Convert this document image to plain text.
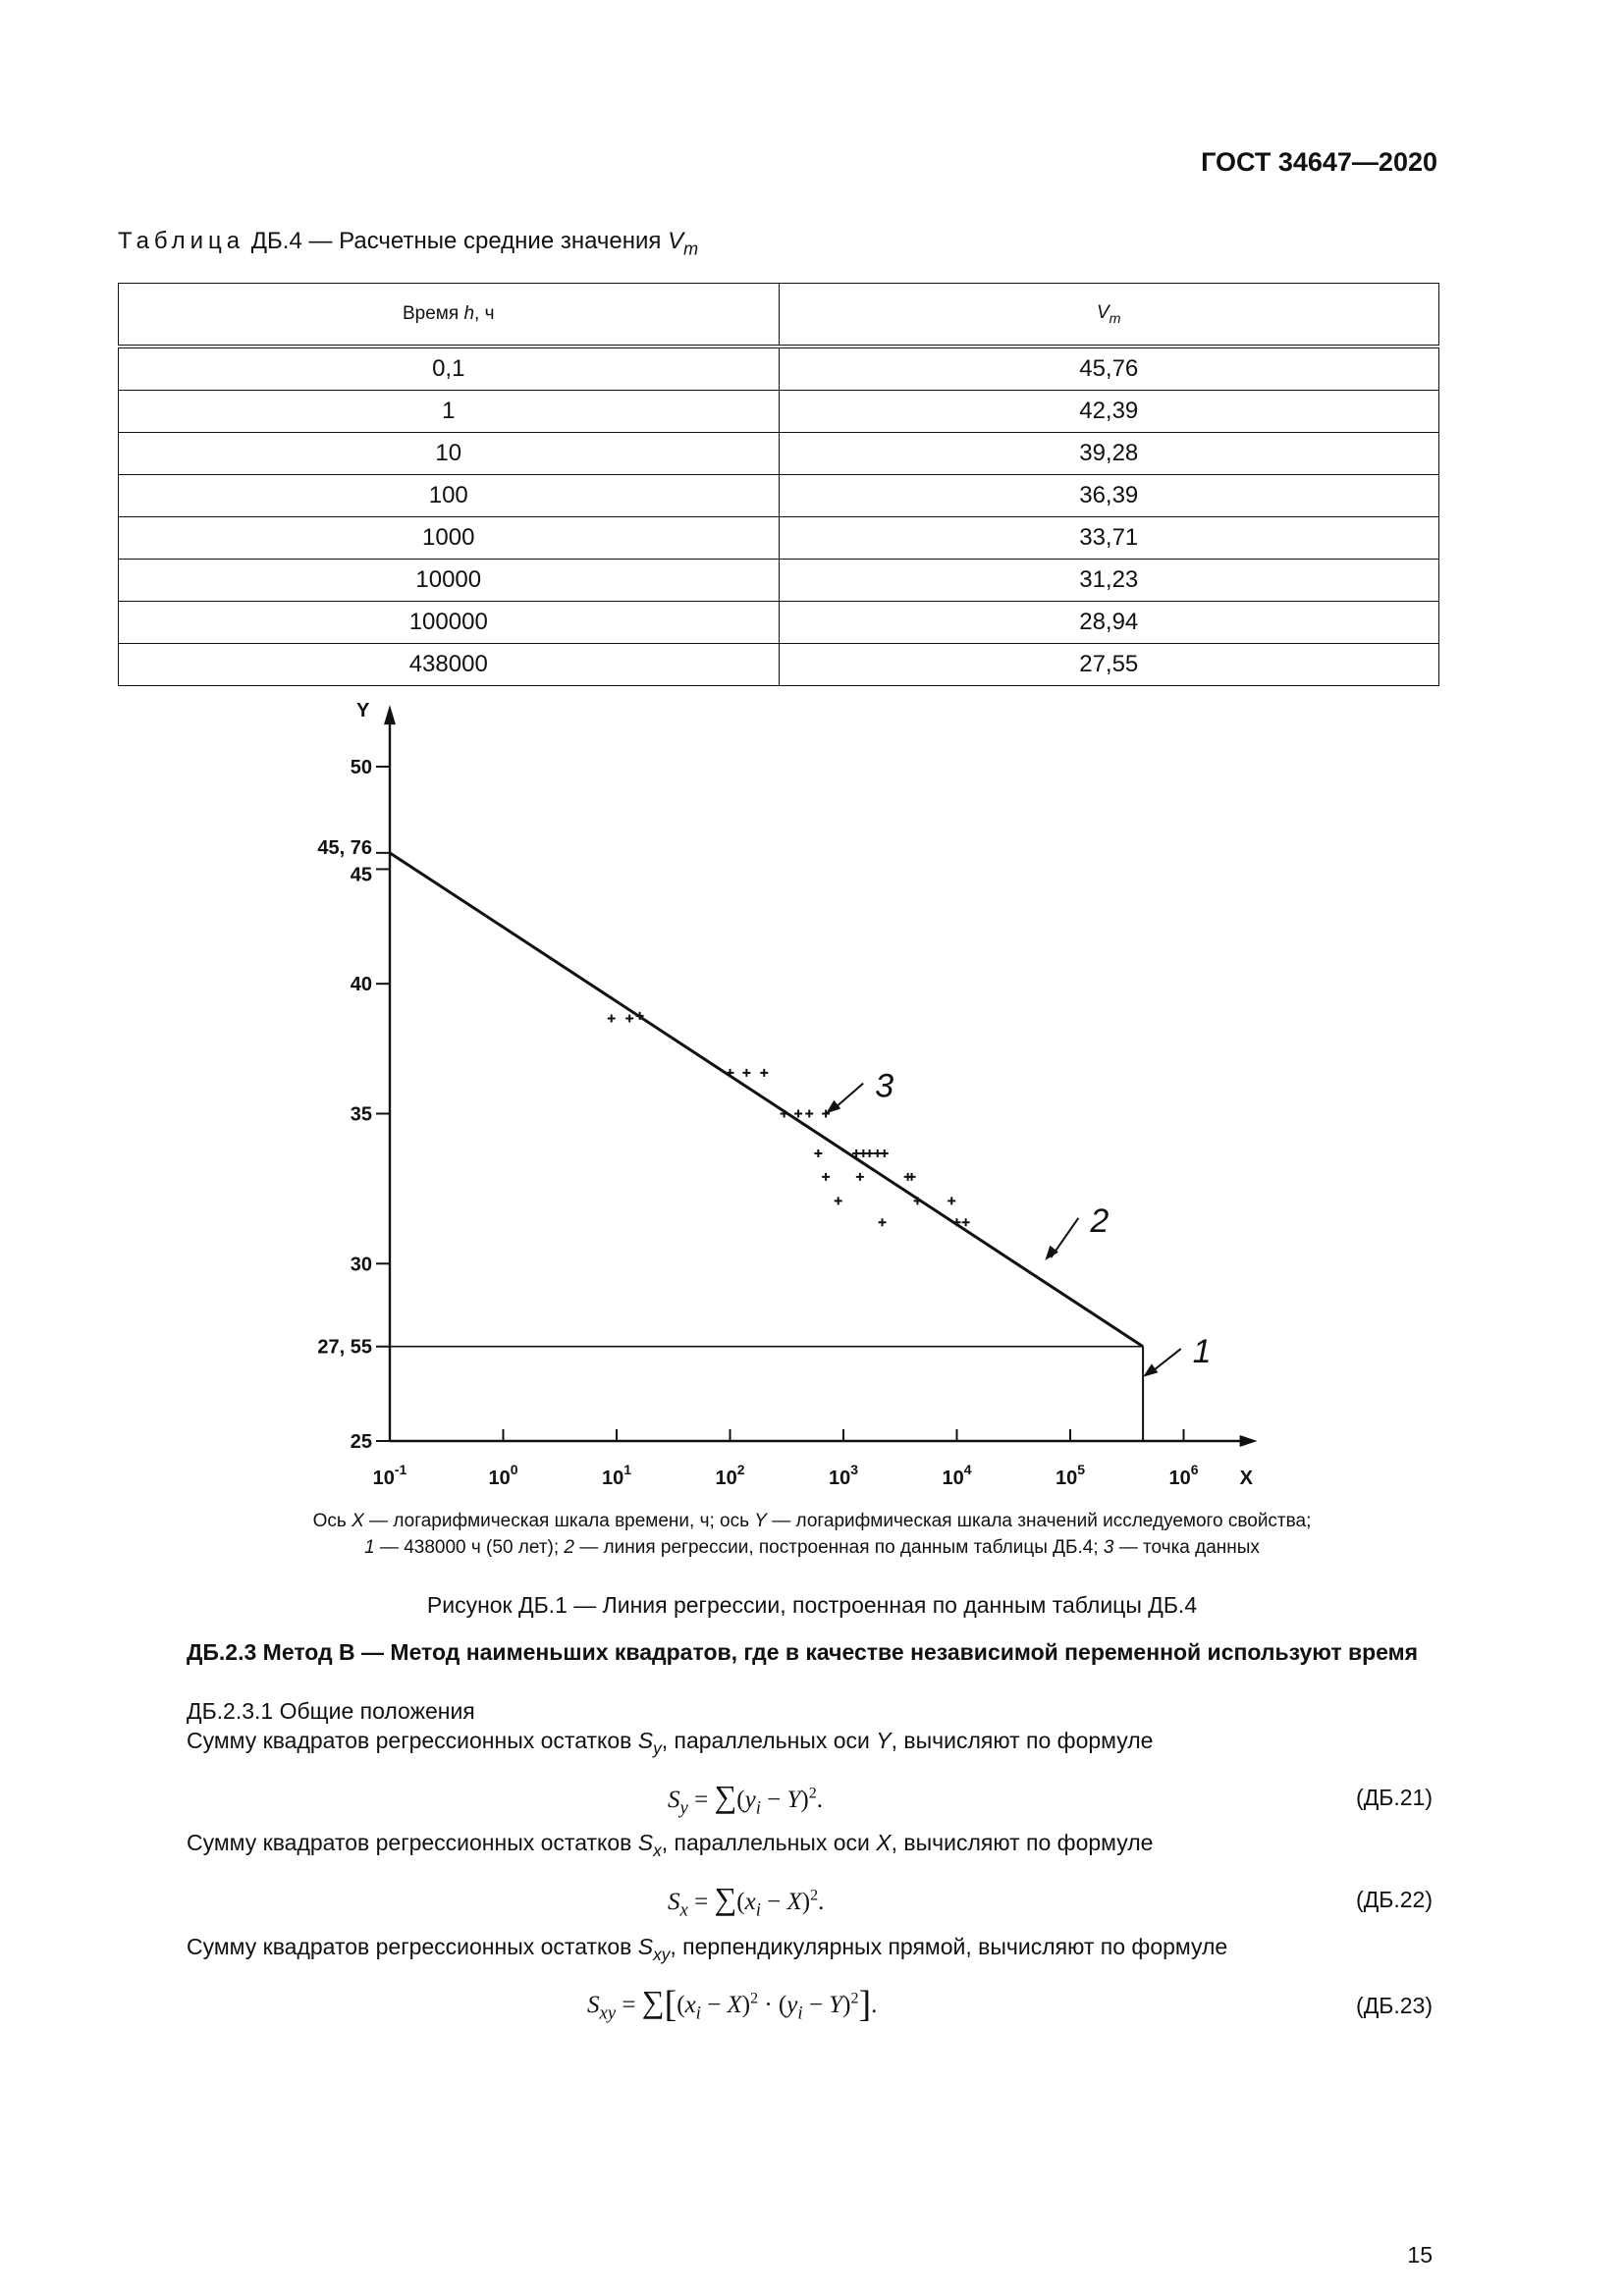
ГОСТ 34647—2020
Таблица ДБ.4 — Расчетные средние значения $V_m$
Время h, ч	$V_m$
0,1	45,76
1	42,39
10	39,28
100	36,39
1000	33,71
10000	31,23
100000	28,94
438000	27,55
X
Y
25
27, 55
30
35
40
45
45, 76
50
$10^{-1}$	$10^0$	$10^1$	$10^2$	$10^3$	$10^4$	$10^5$	$10^6$
1
2
3
Ось X — логарифмическая шкала времени, ч; ось Y — логарифмическая шкала значений исследуемого свойства;
1 — 438000 ч (50 лет); 2 — линия регрессии, построенная по данным таблицы ДБ.4; 3 — точка данных
Рисунок ДБ.1 — Линия регрессии, построенная по данным таблицы ДБ.4
ДБ.2.3 Метод B — Метод наименьших квадратов, где в качестве независимой переменной используют время
ДБ.2.3.1 Общие положения
Сумму квадратов регрессионных остатков $S_y$, параллельных оси Y, вычисляют по формуле
$S_y = \sum(y_i - Y)^2$.	(ДБ.21)
Сумму квадратов регрессионных остатков $S_x$, параллельных оси X, вычисляют по формуле
$S_x = \sum(x_i - X)^2$.	(ДБ.22)
Сумму квадратов регрессионных остатков $S_{xy}$, перпендикулярных прямой, вычисляют по формуле
$S_{xy} = \sum[(x_i - X)^2 \cdot (y_i - Y)^2]$.	(ДБ.23)
15
